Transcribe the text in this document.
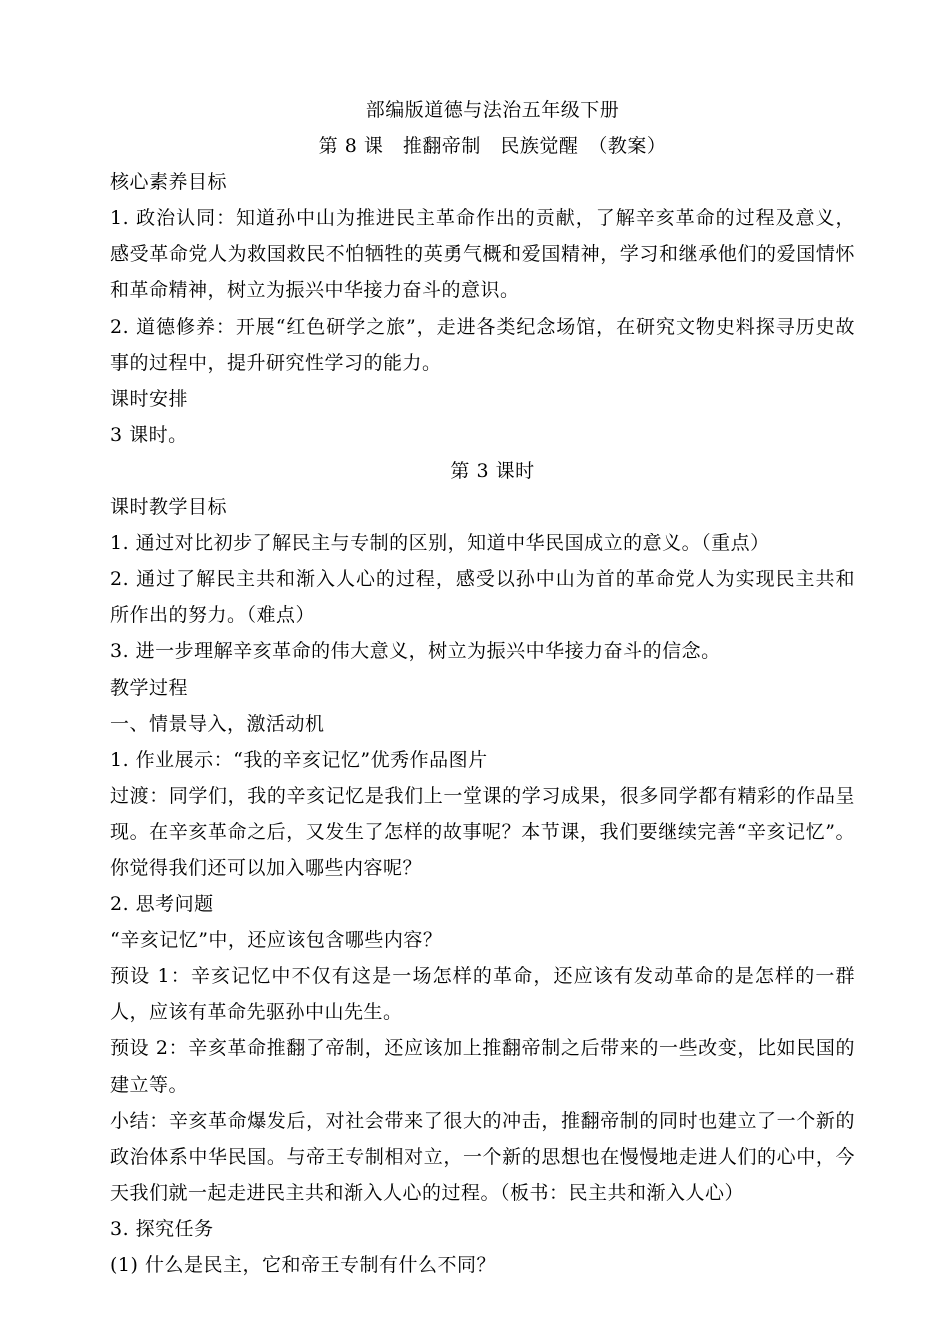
部编版道德与法治五年级下册
第 8 课　推翻帝制　民族觉醒　（教案）
核心素养目标

1. 政治认同：知道孙中山为推进民主革命作出的贡献，了解辛亥革命的过程及意义，感受革命党人为救国救民不怕牺牲的英勇气概和爱国精神，学习和继承他们的爱国情怀和革命精神，树立为振兴中华接力奋斗的意识。

2. 道德修养：开展“红色研学之旅”，走进各类纪念场馆，在研究文物史料探寻历史故事的过程中，提升研究性学习的能力。

课时安排
3 课时。
第 3 课时
课时教学目标

1. 通过对比初步了解民主与专制的区别，知道中华民国成立的意义。（重点）

2. 通过了解民主共和渐入人心的过程，感受以孙中山为首的革命党人为实现民主共和所作出的努力。（难点）

3. 进一步理解辛亥革命的伟大意义，树立为振兴中华接力奋斗的信念。

教学过程
一、情景导入，激活动机
1. 作业展示：“我的辛亥记忆”优秀作品图片

过渡：同学们，我的辛亥记忆是我们上一堂课的学习成果，很多同学都有精彩的作品呈现。在辛亥革命之后，又发生了怎样的故事呢？本节课，我们要继续完善“辛亥记忆”。你觉得我们还可以加入哪些内容呢？

2. 思考问题
“辛亥记忆”中，还应该包含哪些内容？

预设 1：辛亥记忆中不仅有这是一场怎样的革命，还应该有发动革命的是怎样的一群人，应该有革命先驱孙中山先生。

预设 2：辛亥革命推翻了帝制，还应该加上推翻帝制之后带来的一些改变，比如民国的建立等。

小结：辛亥革命爆发后，对社会带来了很大的冲击，推翻帝制的同时也建立了一个新的政治体系中华民国。与帝王专制相对立，一个新的思想也在慢慢地走进人们的心中，今天我们就一起走进民主共和渐入人心的过程。（板书：民主共和渐入人心）

3. 探究任务
(1) 什么是民主，它和帝王专制有什么不同？
